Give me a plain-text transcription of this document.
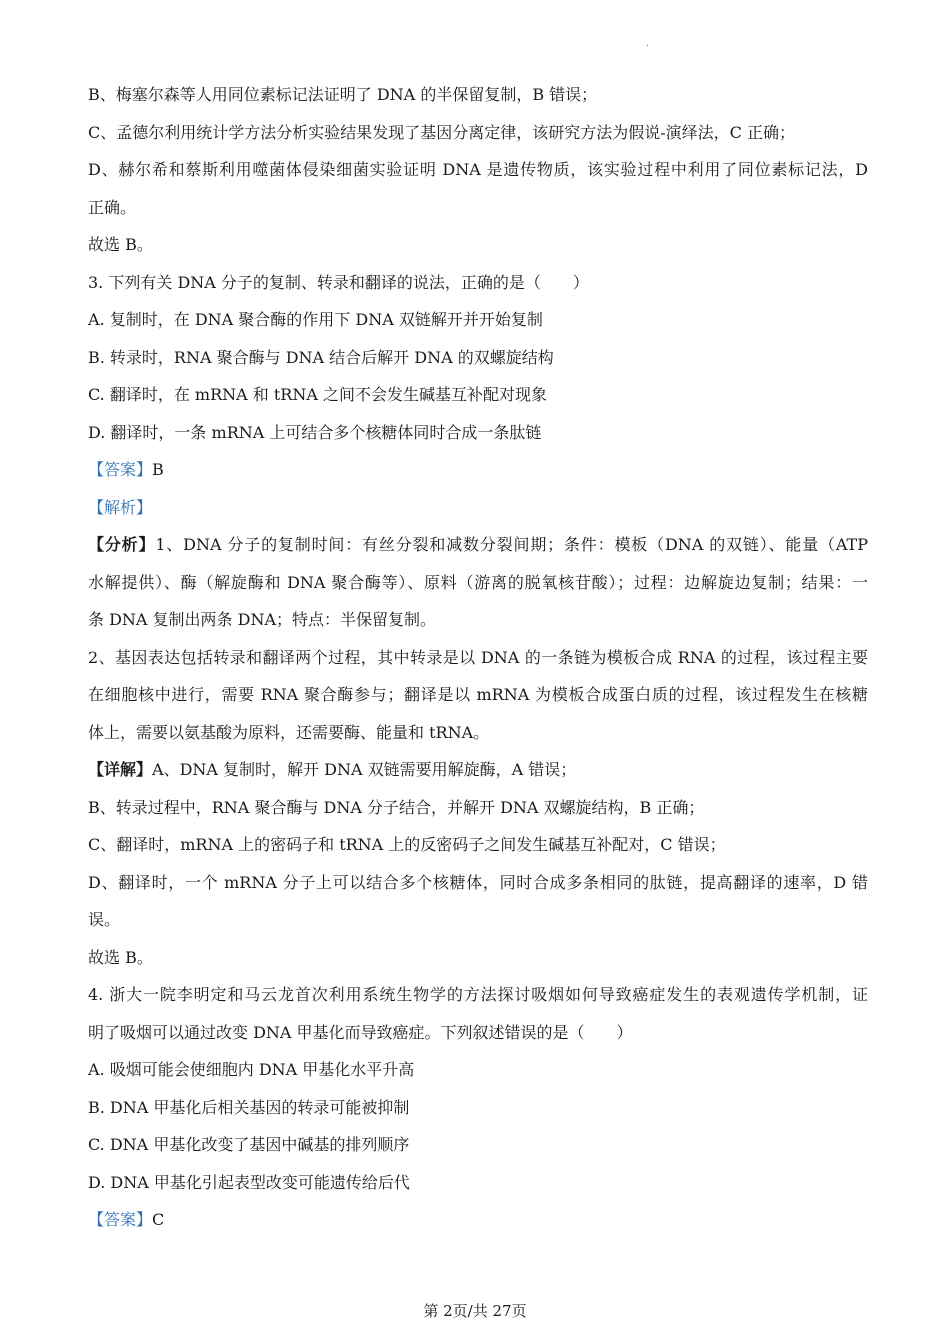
.
B、梅塞尔森等人用同位素标记法证明了 DNA 的半保留复制，B 错误；
C、孟德尔利用统计学方法分析实验结果发现了基因分离定律，该研究方法为假说-演绎法，C 正确；
D、赫尔希和蔡斯利用噬菌体侵染细菌实验证明 DNA 是遗传物质，该实验过程中利用了同位素标记法，D
正确。
故选 B。
3. 下列有关 DNA 分子的复制、转录和翻译的说法，正确的是（　　）
A. 复制时，在 DNA 聚合酶的作用下 DNA 双链解开并开始复制
B. 转录时，RNA 聚合酶与 DNA 结合后解开 DNA 的双螺旋结构
C. 翻译时，在 mRNA 和 tRNA 之间不会发生碱基互补配对现象
D. 翻译时，一条 mRNA 上可结合多个核糖体同时合成一条肽链
【答案】B
【解析】
【分析】1、DNA 分子的复制时间：有丝分裂和减数分裂间期；条件：模板（DNA 的双链）、能量（ATP
水解提供）、酶（解旋酶和 DNA 聚合酶等）、原料（游离的脱氧核苷酸）；过程：边解旋边复制；结果：一
条 DNA 复制出两条 DNA；特点：半保留复制。
2、基因表达包括转录和翻译两个过程，其中转录是以 DNA 的一条链为模板合成 RNA 的过程，该过程主要
在细胞核中进行，需要 RNA 聚合酶参与；翻译是以 mRNA 为模板合成蛋白质的过程，该过程发生在核糖
体上，需要以氨基酸为原料，还需要酶、能量和 tRNA。
【详解】A、DNA 复制时，解开 DNA 双链需要用解旋酶，A 错误；
B、转录过程中，RNA 聚合酶与 DNA 分子结合，并解开 DNA 双螺旋结构，B 正确；
C、翻译时，mRNA 上的密码子和 tRNA 上的反密码子之间发生碱基互补配对，C 错误；
D、翻译时，一个 mRNA 分子上可以结合多个核糖体，同时合成多条相同的肽链，提高翻译的速率，D 错
误。
故选 B。
4. 浙大一院李明定和马云龙首次利用系统生物学的方法探讨吸烟如何导致癌症发生的表观遗传学机制，证
明了吸烟可以通过改变 DNA 甲基化而导致癌症。下列叙述错误的是（　　）
A. 吸烟可能会使细胞内 DNA 甲基化水平升高
B. DNA 甲基化后相关基因的转录可能被抑制
C. DNA 甲基化改变了基因中碱基的排列顺序
D. DNA 甲基化引起表型改变可能遗传给后代
【答案】C
第 2页/共 27页
